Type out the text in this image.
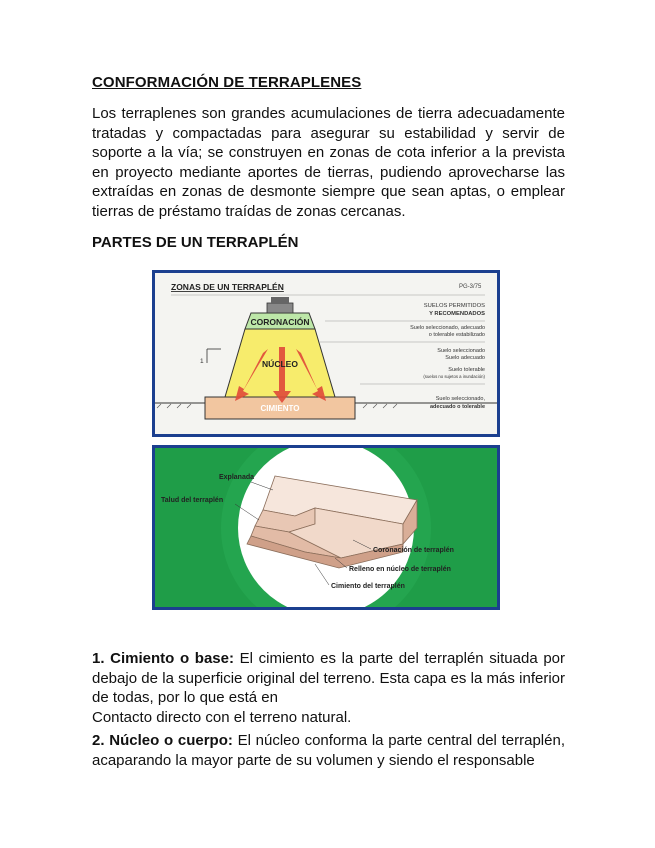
CONFORMACIÓN DE TERRAPLENES

Los terraplenes son grandes acumulaciones de tierra adecuadamente tratadas y compactadas para asegurar su estabilidad y servir de soporte a la vía; se construyen en zonas de cota inferior a la prevista en proyecto mediante aportes de tierras, pudiendo aprovecharse las extraídas en zonas de desmonte siempre que sean aptas, o emplear tierras de préstamo traídas de zonas cercanas.

PARTES DE UN TERRAPLÉN
ZONAS DE UN TERRAPLÉN	PG-3/75
CORONACIÓN
NÚCLEO
CIMIENTO
1
SUELOS PERMITIDOS
Y RECOMENDADOS
Suelo seleccionado, adecuado
o tolerable estabilizado
Suelo seleccionado
Suelo adecuado
Suelo tolerable
(suelos no sujetos a inundación)
Suelo seleccionado,
adecuado o tolerable
Explanada
Talud del terraplén
Coronación de terraplén
Relleno en núcleo de terraplén
Cimiento del terraplén

1. Cimiento o base: El cimiento es la parte del terraplén situada por debajo de la superficie original del terreno. Esta capa es la más inferior de todas, por lo que está en
Contacto directo con el terreno natural.

2. Núcleo o cuerpo: El núcleo conforma la parte central del terraplén, acaparando la mayor parte de su volumen y siendo el responsable
